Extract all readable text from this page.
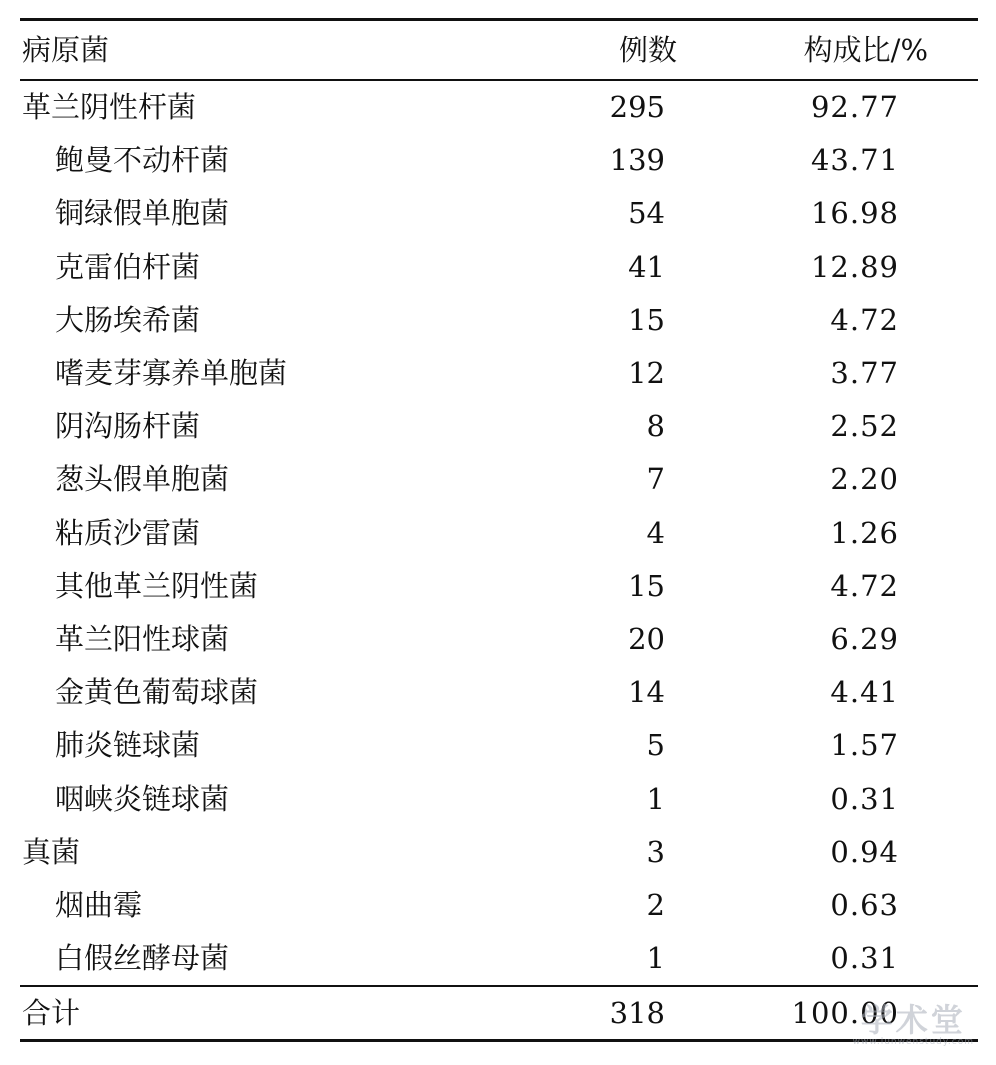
病原菌	例数	构成比/%
革兰阴性杆菌	295	92.77
鲍曼不动杆菌	139	43.71
铜绿假单胞菌	54	16.98
克雷伯杆菌	41	12.89
大肠埃希菌	15	4.72
嗜麦芽寡养单胞菌	12	3.77
阴沟肠杆菌	8	2.52
葱头假单胞菌	7	2.20
粘质沙雷菌	4	1.26
其他革兰阴性菌	15	4.72
革兰阳性球菌	20	6.29
金黄色葡萄球菌	14	4.41
肺炎链球菌	5	1.57
咽峡炎链球菌	1	0.31
真菌	3	0.94
烟曲霉	2	0.63
白假丝酵母菌	1	0.31
合计	318	100.00
学术堂
www.lunwenstudy.com
